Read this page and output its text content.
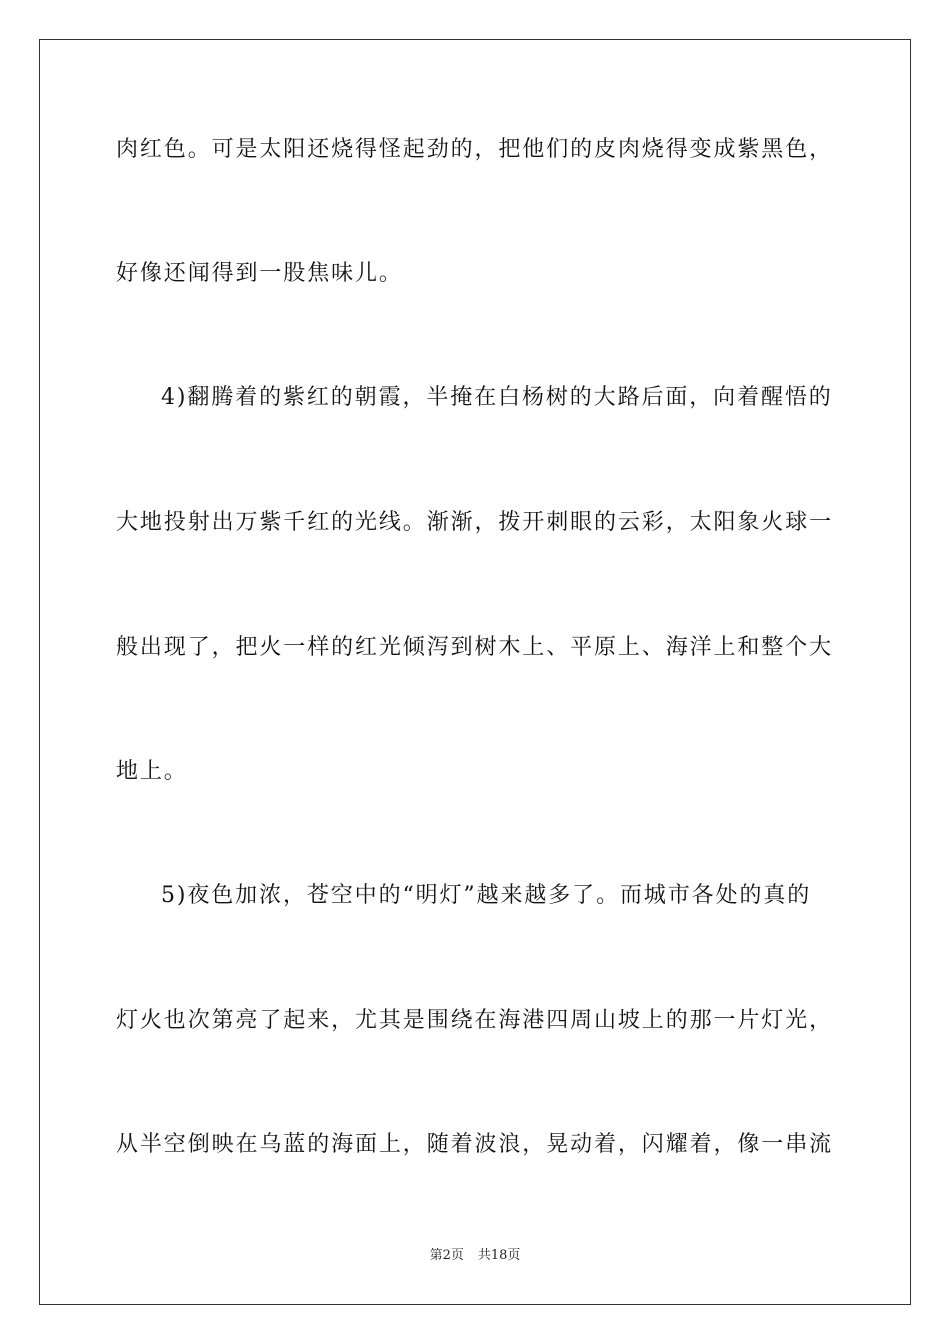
肉红色。可是太阳还烧得怪起劲的，把他们的皮肉烧得变成紫黑色，
好像还闻得到一股焦味儿。
4)翻腾着的紫红的朝霞，半掩在白杨树的大路后面，向着醒悟的
大地投射出万紫千红的光线。渐渐，拨开刺眼的云彩，太阳象火球一
般出现了，把火一样的红光倾泻到树木上、平原上、海洋上和整个大
地上。
5)夜色加浓，苍空中的“明灯”越来越多了。而城市各处的真的
灯火也次第亮了起来，尤其是围绕在海港四周山坡上的那一片灯光，
从半空倒映在乌蓝的海面上，随着波浪，晃动着，闪耀着，像一串流
第2页 共18页
